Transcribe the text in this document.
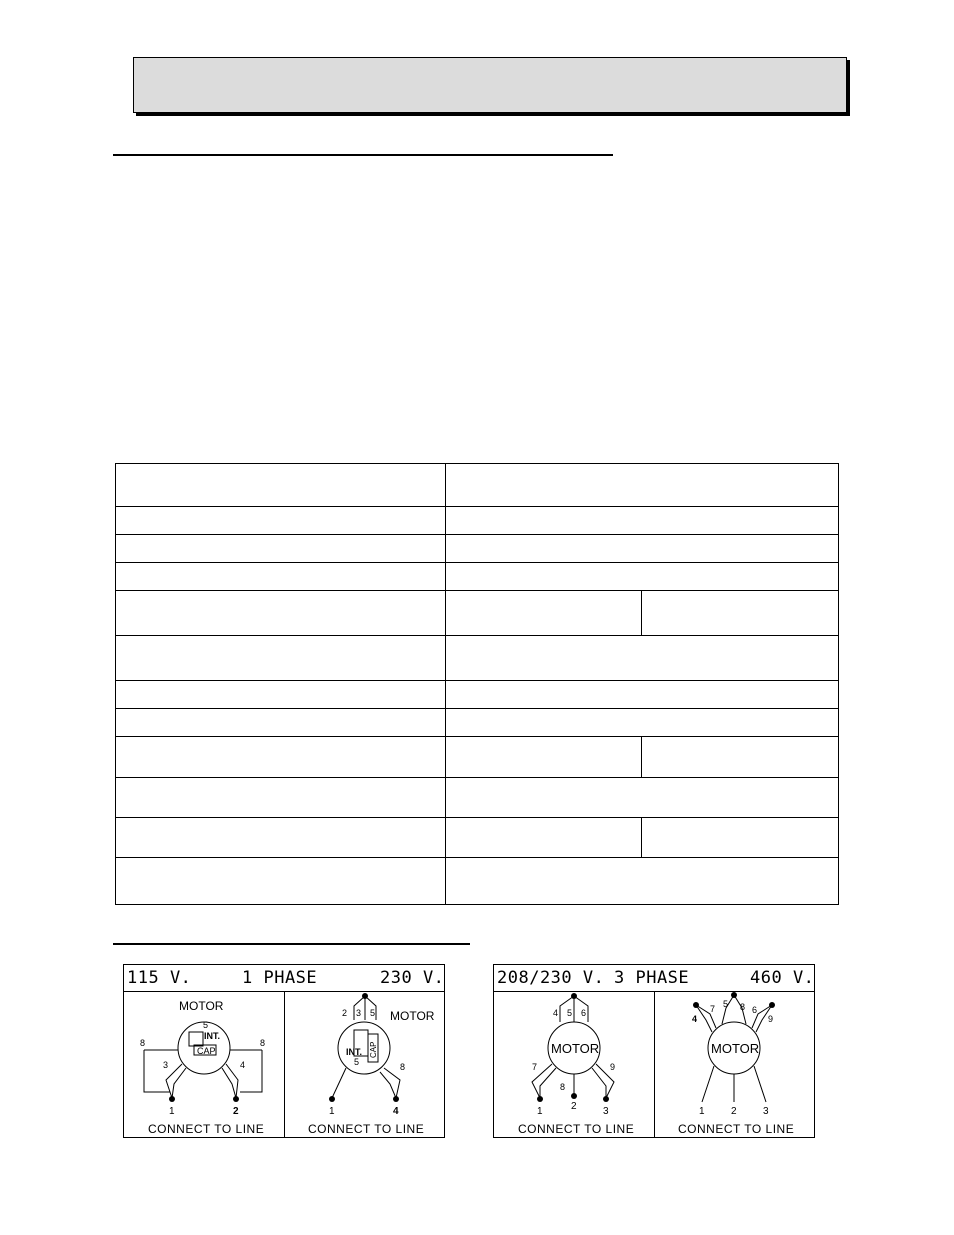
115 V.	1 PHASE	230 V.
MOTOR
5
INT.
CAP
8	8
3	4
1	2
CONNECT TO LINE
2 3 5 MOTOR
INT. CAP
5	8
1	4
CONNECT TO LINE
208/230 V. 3 PHASE	460 V.
4 5 6
MOTOR
7
8
9
1	2	3
CONNECT TO LINE
5 8
7	6
4	9
MOTOR
1	2	3
CONNECT TO LINE
